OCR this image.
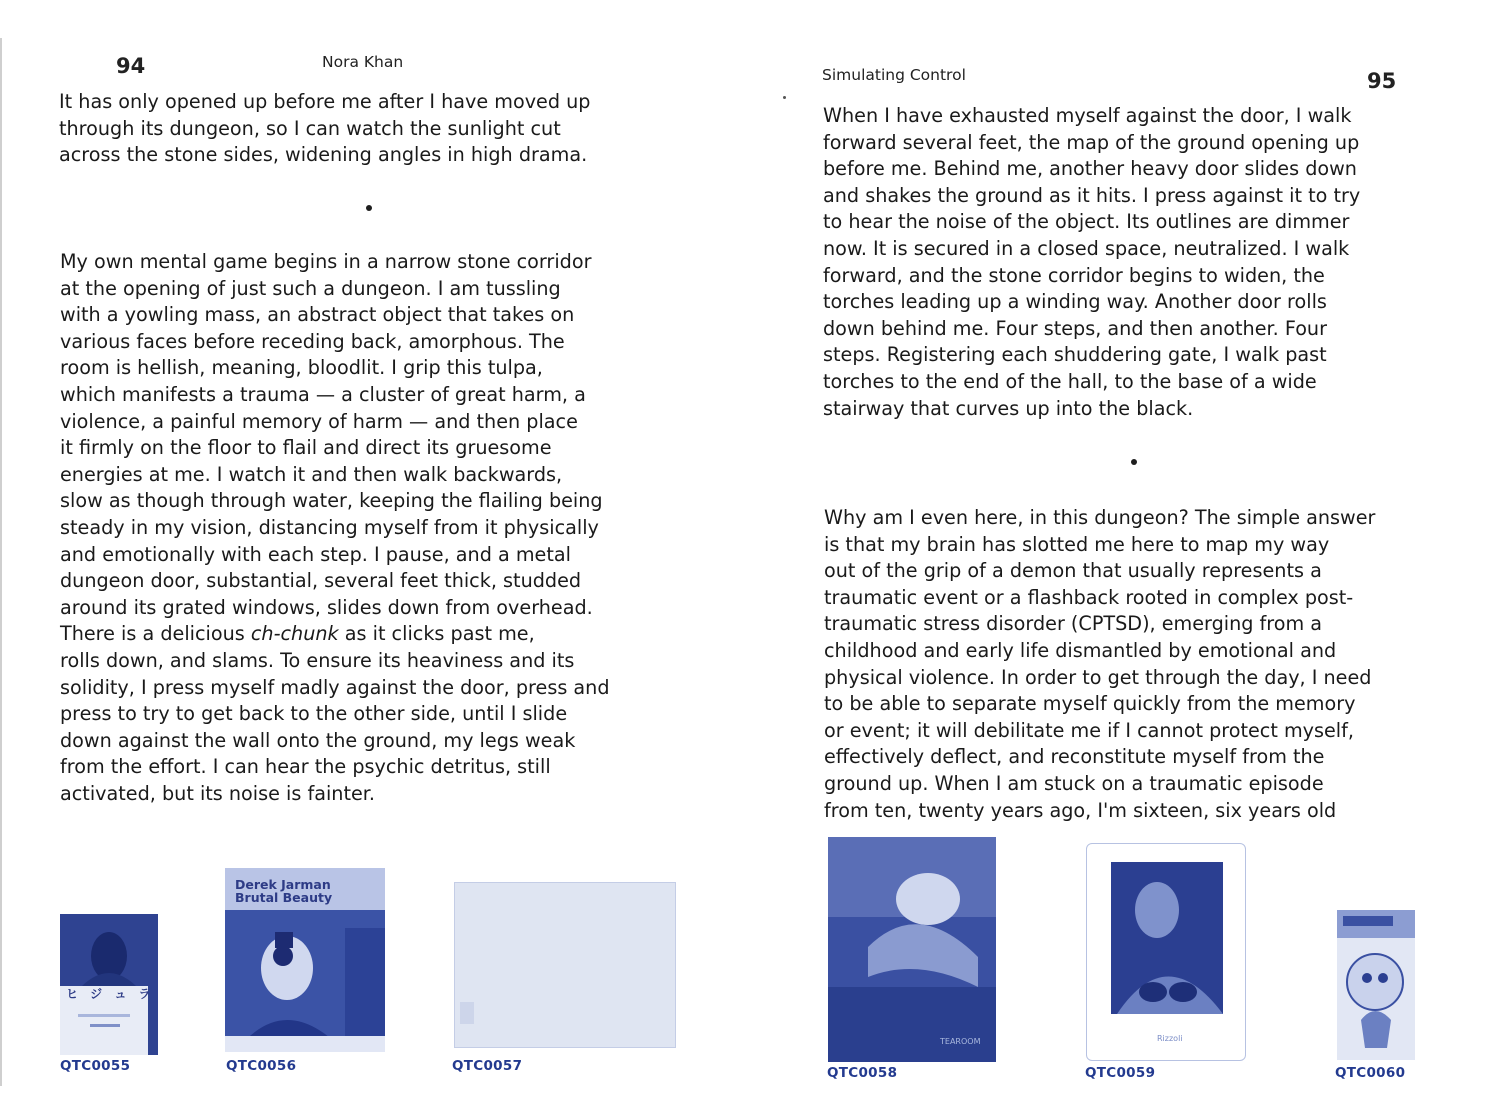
94	Nora Khan

It has only opened up before me after I have moved up
through its dungeon, so I can watch the sunlight cut
across the stone sides, widening angles in high drama.

My own mental game begins in a narrow stone corridor
at the opening of just such a dungeon. I am tussling
with a yowling mass, an abstract object that takes on
various faces before receding back, amorphous. The
room is hellish, meaning, bloodlit. I grip this tulpa,
which manifests a trauma — a cluster of great harm, a
violence, a painful memory of harm — and then place
it firmly on the floor to flail and direct its gruesome
energies at me. I watch it and then walk backwards,
slow as though through water, keeping the flailing being
steady in my vision, distancing myself from it physically
and emotionally with each step. I pause, and a metal
dungeon door, substantial, several feet thick, studded
around its grated windows, slides down from overhead.
There is a delicious ch-chunk as it clicks past me,
rolls down, and slams. To ensure its heaviness and its
solidity, I press myself madly against the door, press and
press to try to get back to the other side, until I slide
down against the wall onto the ground, my legs weak
from the effort. I can hear the psychic detritus, still
activated, but its noise is fainter.

ヒ ジ ュ ラ
QTC0055
Derek Jarman
Brutal Beauty
QTC0056	QTC0057
Simulating Control	95

When I have exhausted myself against the door, I walk
forward several feet, the map of the ground opening up
before me. Behind me, another heavy door slides down
and shakes the ground as it hits. I press against it to try
to hear the noise of the object. Its outlines are dimmer
now. It is secured in a closed space, neutralized. I walk
forward, and the stone corridor begins to widen, the
torches leading up a winding way. Another door rolls
down behind me. Four steps, and then another. Four
steps. Registering each shuddering gate, I walk past
torches to the end of the hall, to the base of a wide
stairway that curves up into the black.

Why am I even here, in this dungeon? The simple answer
is that my brain has slotted me here to map my way
out of the grip of a demon that usually represents a
traumatic event or a flashback rooted in complex post-
traumatic stress disorder (CPTSD), emerging from a
childhood and early life dismantled by emotional and
physical violence. In order to get through the day, I need
to be able to separate myself quickly from the memory
or event; it will debilitate me if I cannot protect myself,
effectively deflect, and reconstitute myself from the
ground up. When I am stuck on a traumatic episode
from ten, twenty years ago, I'm sixteen, six years old

TEAROOM
QTC0058
Rizzoli
QTC0059	QTC0060
